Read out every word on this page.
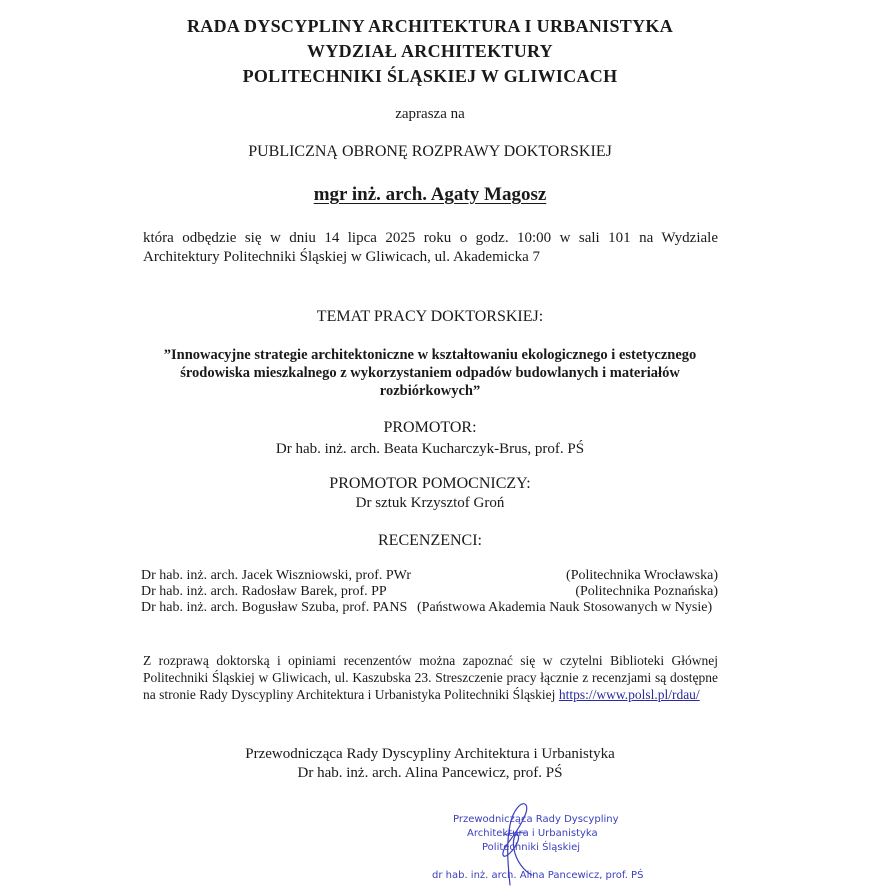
RADA DYSCYPLINY ARCHITEKTURA I URBANISTYKA
WYDZIAŁ ARCHITEKTURY
POLITECHNIKI ŚLĄSKIEJ W GLIWICACH
zaprasza na
PUBLICZNĄ OBRONĘ ROZPRAWY DOKTORSKIEJ
mgr inż. arch. Agaty Magosz
która odbędzie się w dniu 14 lipca 2025 roku o godz. 10:00 w sali 101 na Wydziale Architektury Politechniki Śląskiej w Gliwicach, ul. Akademicka 7
TEMAT PRACY DOKTORSKIEJ:
”Innowacyjne strategie architektoniczne w kształtowaniu ekologicznego i estetycznego środowiska mieszkalnego z wykorzystaniem odpadów budowlanych i materiałów rozbiórkowych”
PROMOTOR:
Dr hab. inż. arch. Beata Kucharczyk-Brus, prof. PŚ
PROMOTOR POMOCNICZY:
Dr sztuk Krzysztof Groń
RECENZENCI:
Dr hab. inż. arch. Jacek Wiszniowski, prof. PWr	(Politechnika Wrocławska)
Dr hab. inż. arch. Radosław Barek, prof. PP	(Politechnika Poznańska)
Dr hab. inż. arch. Bogusław Szuba, prof. PANS (Państwowa Akademia Nauk Stosowanych w Nysie)
Z rozprawą doktorską i opiniami recenzentów można zapoznać się w czytelni Biblioteki Głównej Politechniki Śląskiej w Gliwicach, ul. Kaszubska 23. Streszczenie pracy łącznie z recenzjami są dostępne na stronie Rady Dyscypliny Architektura i Urbanistyka Politechniki Śląskiej https://www.polsl.pl/rdau/
Przewodnicząca Rady Dyscypliny Architektura i Urbanistyka
Dr hab. inż. arch. Alina Pancewicz, prof. PŚ
Przewodnicząca Rady Dyscypliny
Architektura i Urbanistyka
Politechniki Śląskiej
dr hab. inż. arch. Alina Pancewicz, prof. PŚ
